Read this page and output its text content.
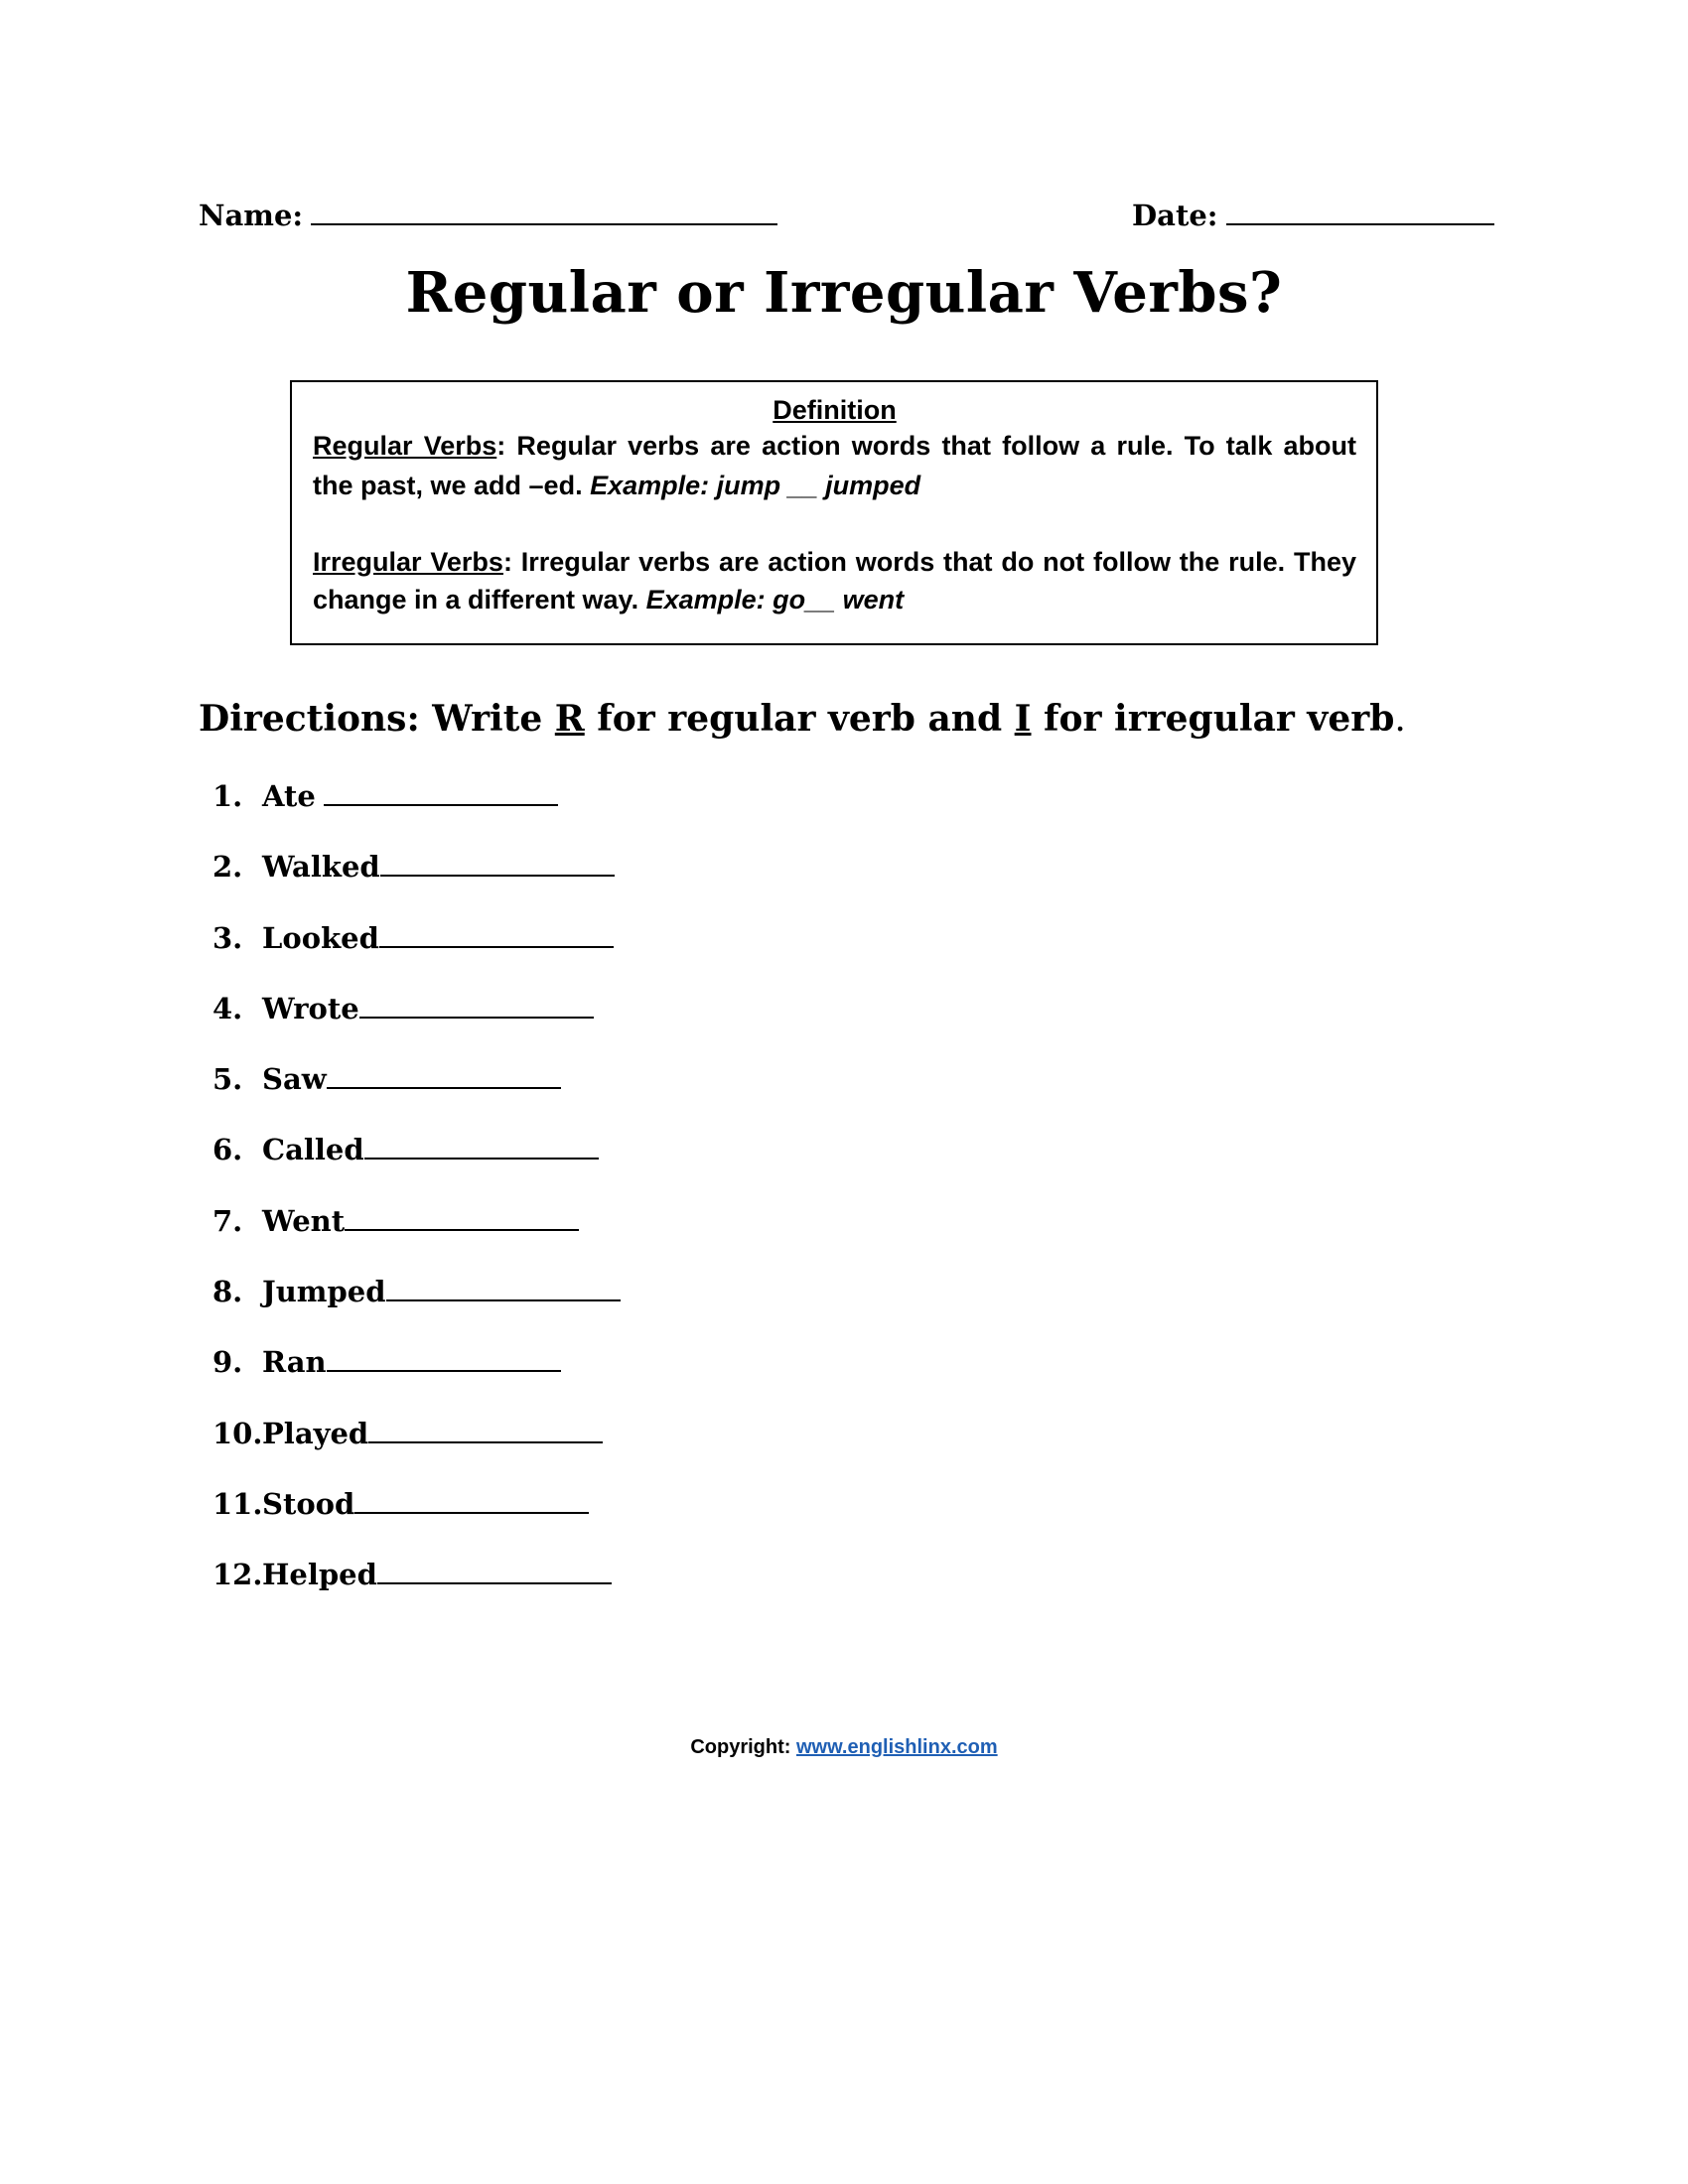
Name:	Date:
Regular or Irregular Verbs?

Definition

Regular Verbs: Regular verbs are action words that follow a rule. To talk about the past, we add –ed. Example: jump __ jumped

Irregular Verbs: Irregular verbs are action words that do not follow the rule. They change in a different way. Example: go__ went

Directions: Write R for regular verb and I for irregular verb.
1. Ate
2. Walked
3. Looked
4. Wrote
5. Saw
6. Called
7. Went
8. Jumped
9. Ran
10.Played
11.Stood
12.Helped
Copyright: www.englishlinx.com
